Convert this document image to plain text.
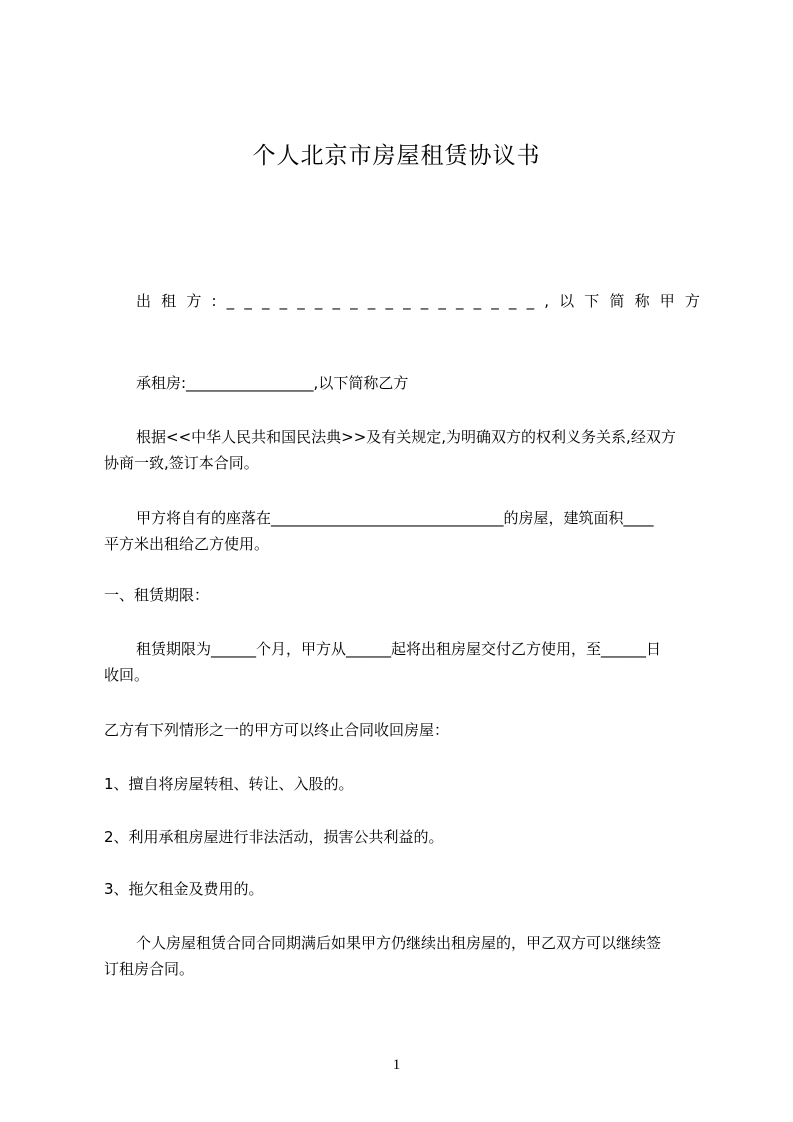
个人北京市房屋租赁协议书
出 租 方 : _ _ _ _ _ _ _ _ _ _ _ _ _ _ _ _ _ _ , 以 下 简 称 甲 方
承租房:_________________,以下简称乙方
根据<<中华人民共和国民法典>>及有关规定,为明确双方的权利义务关系,经双方
协商一致,签订本合同。
甲方将自有的座落在_______________________________的房屋，建筑面积____
平方米出租给乙方使用。
一、租赁期限：
租赁期限为______个月，甲方从______起将出租房屋交付乙方使用，至______日
收回。
乙方有下列情形之一的甲方可以终止合同收回房屋：
1、擅自将房屋转租、转让、入股的。
2、利用承租房屋进行非法活动，损害公共利益的。
3、拖欠租金及费用的。
个人房屋租赁合同合同期满后如果甲方仍继续出租房屋的，甲乙双方可以继续签
订租房合同。
1
